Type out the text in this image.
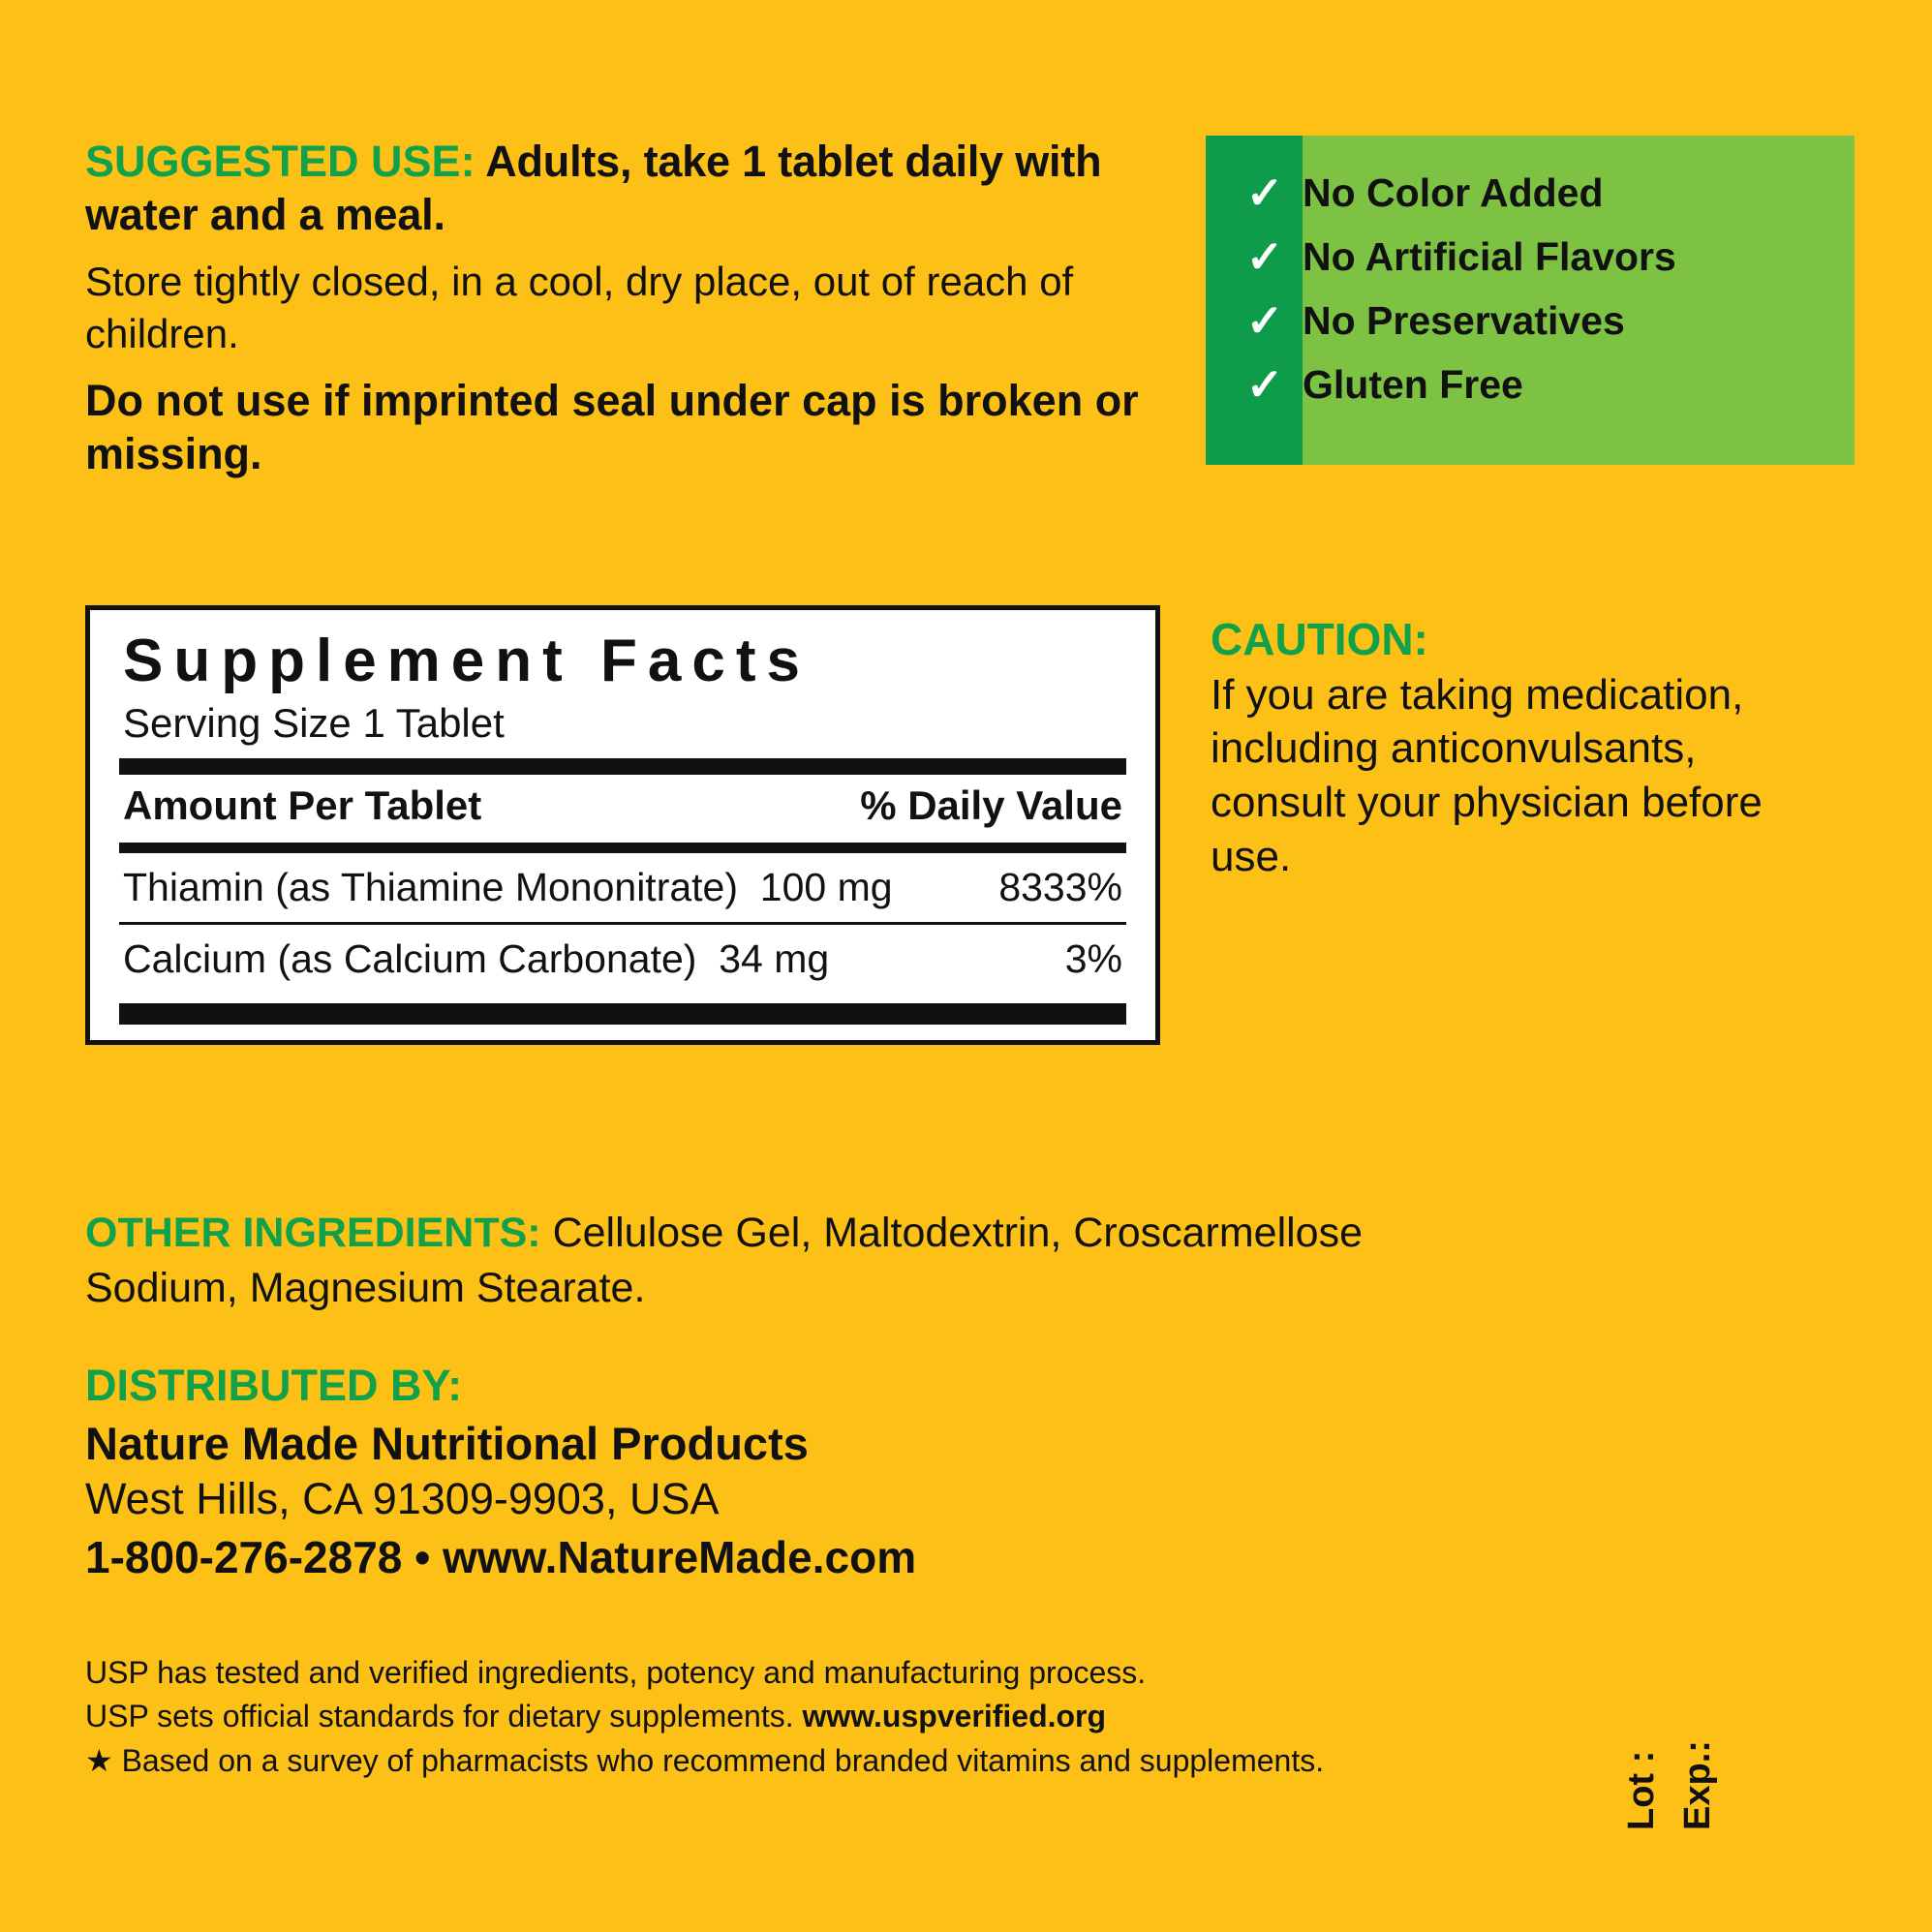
SUGGESTED USE: Adults, take 1 tablet daily with water and a meal.
Store tightly closed, in a cool, dry place, out of reach of children.
Do not use if imprinted seal under cap is broken or missing.
Supplement Facts
Serving Size 1 Tablet
Amount Per Tablet	% Daily Value
Thiamin (as Thiamine Mononitrate) 100 mg	8333%
Calcium (as Calcium Carbonate) 34 mg	3%
OTHER INGREDIENTS: Cellulose Gel, Maltodextrin, Croscarmellose Sodium, Magnesium Stearate.
DISTRIBUTED BY:
Nature Made Nutritional Products
West Hills, CA 91309-9903, USA
1-800-276-2878 • www.NatureMade.com
USP has tested and verified ingredients, potency and manufacturing process.
USP sets official standards for dietary supplements. www.uspverified.org
★ Based on a survey of pharmacists who recommend branded vitamins and supplements.
✓ No Color Added
✓ No Artificial Flavors
✓ No Preservatives
✓ Gluten Free
CAUTION:
If you are taking medication, including anticonvulsants, consult your physician before use.
Lot : Exp.:
